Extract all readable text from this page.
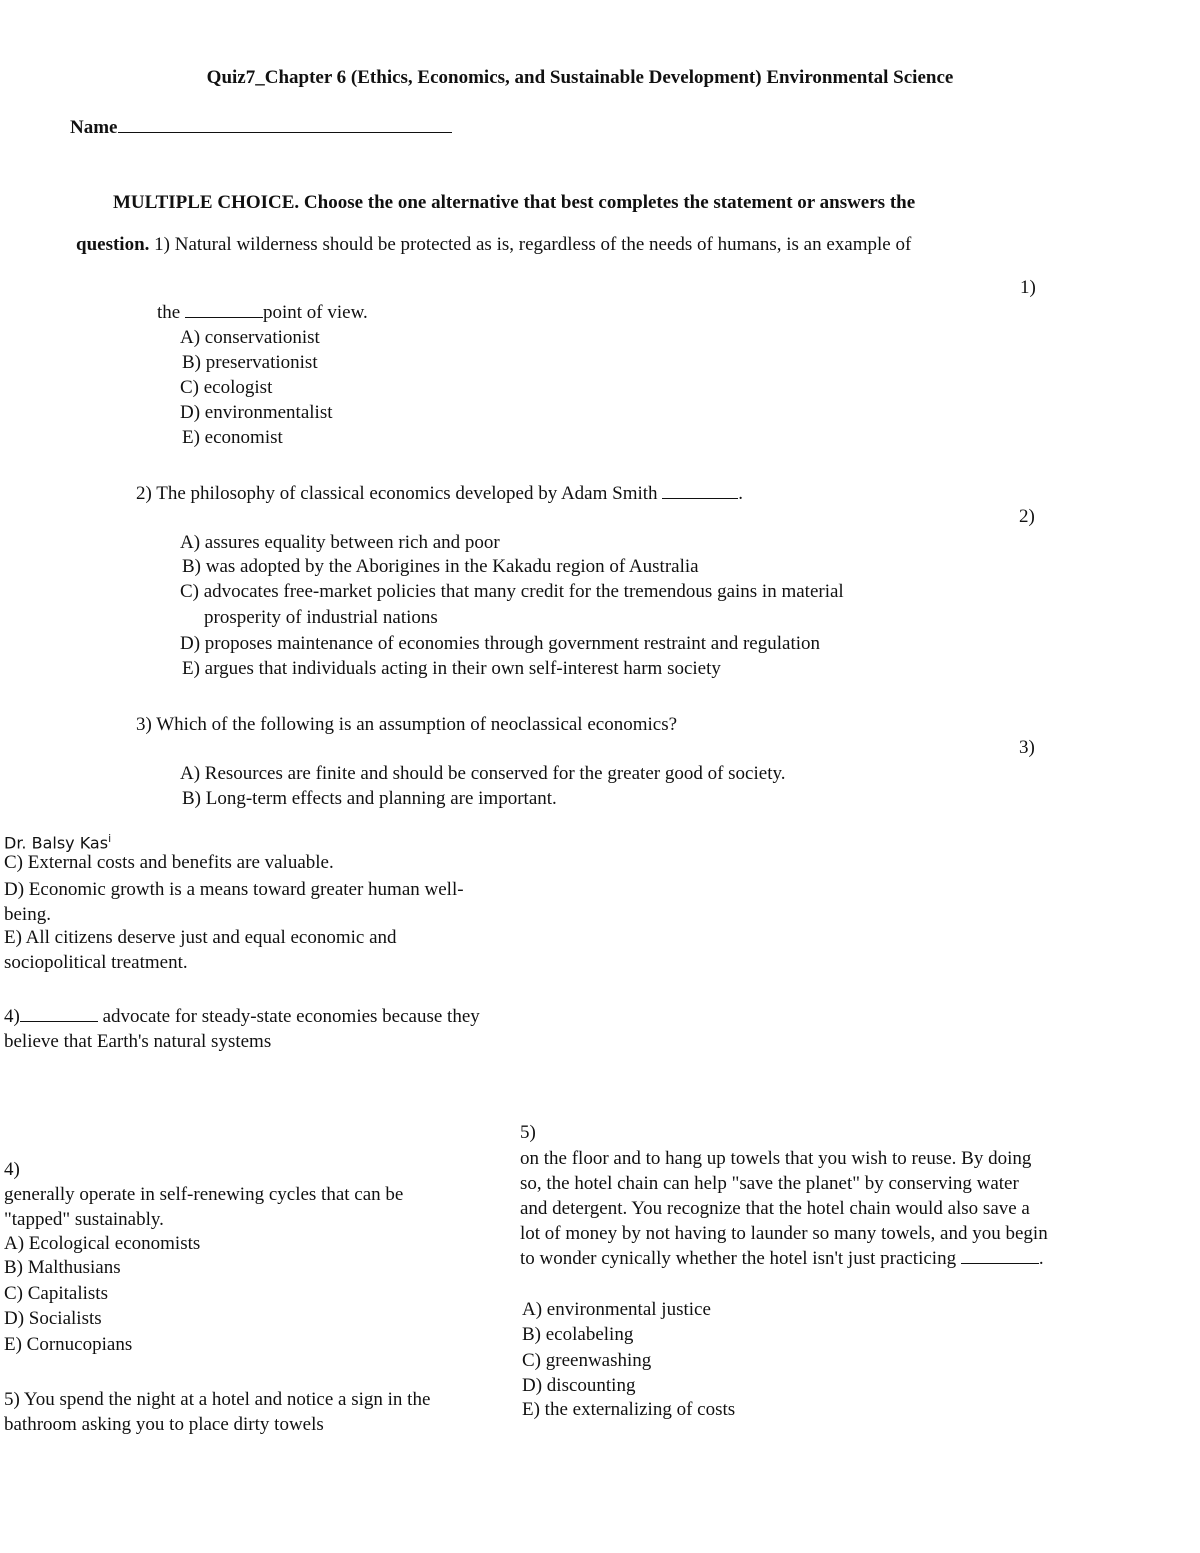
Quiz7_Chapter 6 (Ethics, Economics, and Sustainable Development) Environmental Science
Name
MULTIPLE CHOICE. Choose the one alternative that best completes the statement or answers the
question. 1) Natural wilderness should be protected as is, regardless of the needs of humans, is an example of
1)
the	point of view.
A) conservationist
B) preservationist
C) ecologist
D) environmentalist
E) economist
2) The philosophy of classical economics developed by Adam Smith	.
2)
A) assures equality between rich and poor
B) was adopted by the Aborigines in the Kakadu region of Australia
C) advocates free-market policies that many credit for the tremendous gains in material
prosperity of industrial nations
D) proposes maintenance of economies through government restraint and regulation
E) argues that individuals acting in their own self-interest harm society
3) Which of the following is an assumption of neoclassical economics?
3)
A) Resources are finite and should be conserved for the greater good of society.
B) Long-term effects and planning are important.
Dr. Balsy Kas$^i$
C) External costs and benefits are valuable.
D) Economic growth is a means toward greater human well-being.
E) All citizens deserve just and equal economic and sociopolitical treatment.
4)	advocate for steady-state economies because they believe that Earth's natural systems
4)
generally operate in self-renewing cycles that can be "tapped" sustainably.
A) Ecological economists
B) Malthusians
C) Capitalists
D) Socialists
E) Cornucopians
5) You spend the night at a hotel and notice a sign in the bathroom asking you to place dirty towels
5)
on the floor and to hang up towels that you wish to reuse. By doing so, the hotel chain can help "save the planet" by conserving water and detergent. You recognize that the hotel chain would also save a lot of money by not having to launder so many towels, and you begin to wonder cynically whether the hotel isn't just practicing	.
A) environmental justice
B) ecolabeling
C) greenwashing
D) discounting
E) the externalizing of costs
